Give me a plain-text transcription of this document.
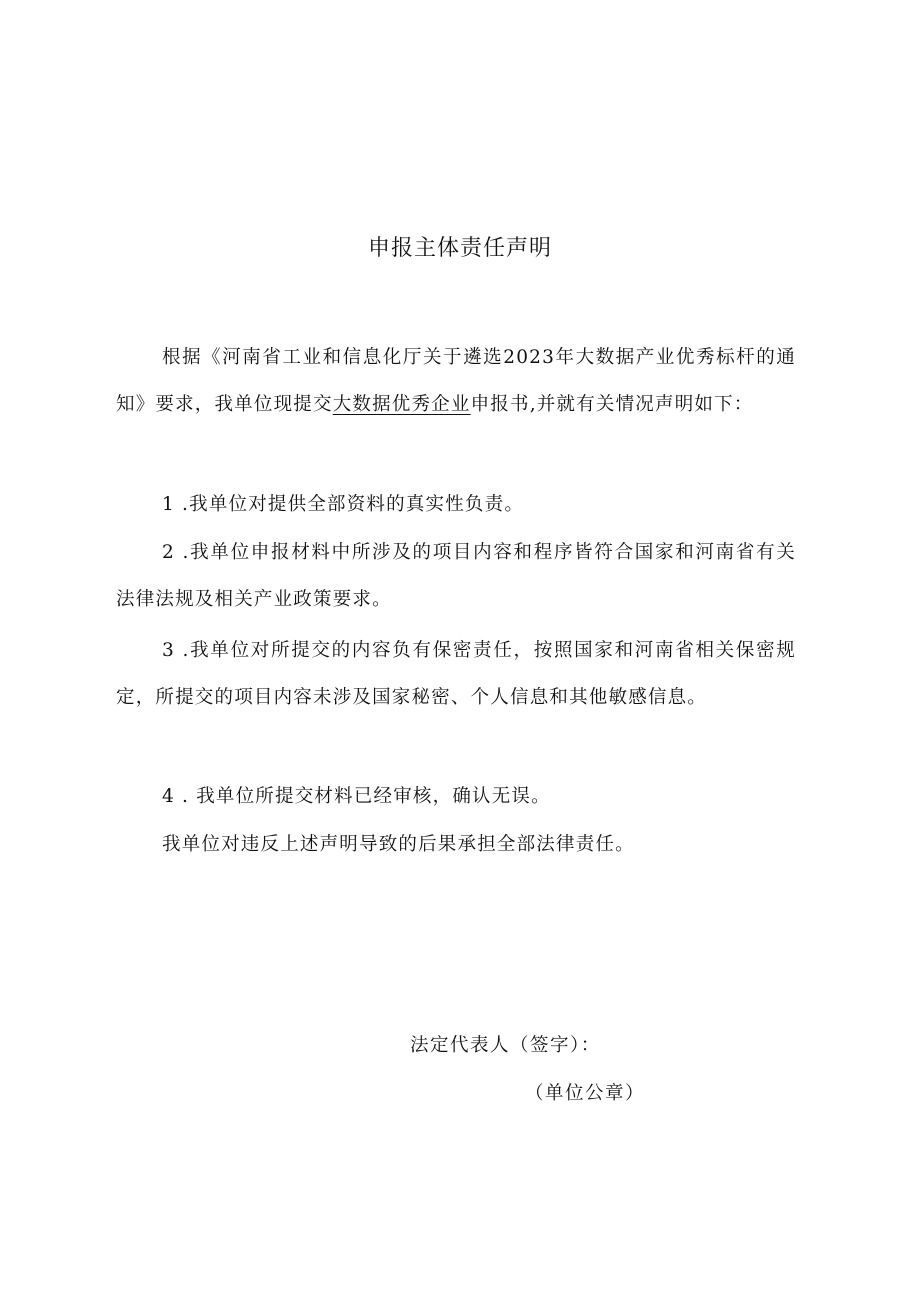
申报主体责任声明
根据《河南省工业和信息化厅关于遴选2023年大数据产业优秀标杆的通知》要求，我单位现提交大数据优秀企业申报书,并就有关情况声明如下：
1 .我单位对提供全部资料的真实性负责。
2 .我单位申报材料中所涉及的项目内容和程序皆符合国家和河南省有关法律法规及相关产业政策要求。
3 .我单位对所提交的内容负有保密责任，按照国家和河南省相关保密规定，所提交的项目内容未涉及国家秘密、个人信息和其他敏感信息。
4 . 我单位所提交材料已经审核，确认无误。
我单位对违反上述声明导致的后果承担全部法律责任。
法定代表人（签字）：
（单位公章）
